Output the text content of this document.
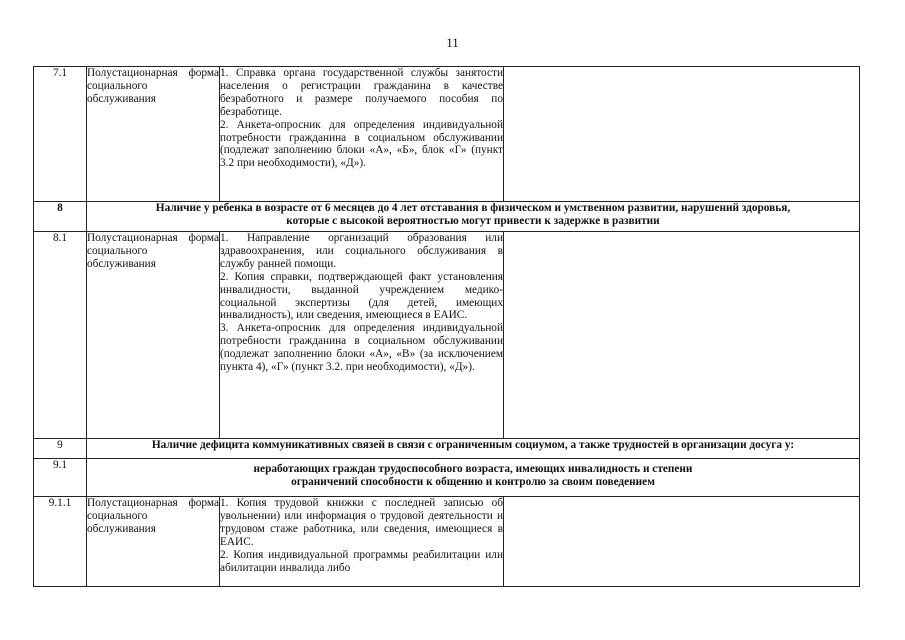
11
7.1	Полустационарная форма социального обслуживания	1. Справка органа государственной службы занятости населения о регистрации гражданина в качестве безработного и размере получаемого пособия по безработице.

2. Анкета-опросник для определения индивидуальной потребности гражданина в социальном обслуживании (подлежат заполнению блоки «А», «Б», блок «Г» (пункт 3.2 при необходимости), «Д»).	

8	Наличие у ребенка в возрасте от 6 месяцев до 4 лет отставания в физическом и умственном развитии, нарушений здоровья,
которые с высокой вероятностью могут привести к задержке в развитии		

8.1	Полустационарная форма социального обслуживания	1. Направление организаций образования или здравоохранения, или социального обслуживания в службу ранней помощи.

2. Копия справки, подтверждающей факт установления инвалидности, выданной учреждением медико-социальной экспертизы (для детей, имеющих инвалидность), или сведения, имеющиеся в ЕАИС.

3. Анкета-опросник для определения индивидуальной потребности гражданина в социальном обслуживании (подлежат заполнению блоки «А», «В» (за исключением пункта 4), «Г» (пункт 3.2. при необходимости), «Д»).	

9	Наличие дефицита коммуникативных связей в связи с ограниченным социумом, а также трудностей в организации досуга у:		
9.1	неработающих граждан трудоспособного возраста, имеющих инвалидность и степени
ограничений способности к общению и контролю за своим поведением		

9.1.1	Полустационарная форма социального обслуживания	1. Копия трудовой книжки с последней записью об увольнении) или информация о трудовой деятельности и трудовом стаже работника, или сведения, имеющиеся в ЕАИС.

2. Копия индивидуальной программы реабилитации или абилитации инвалида либо	
